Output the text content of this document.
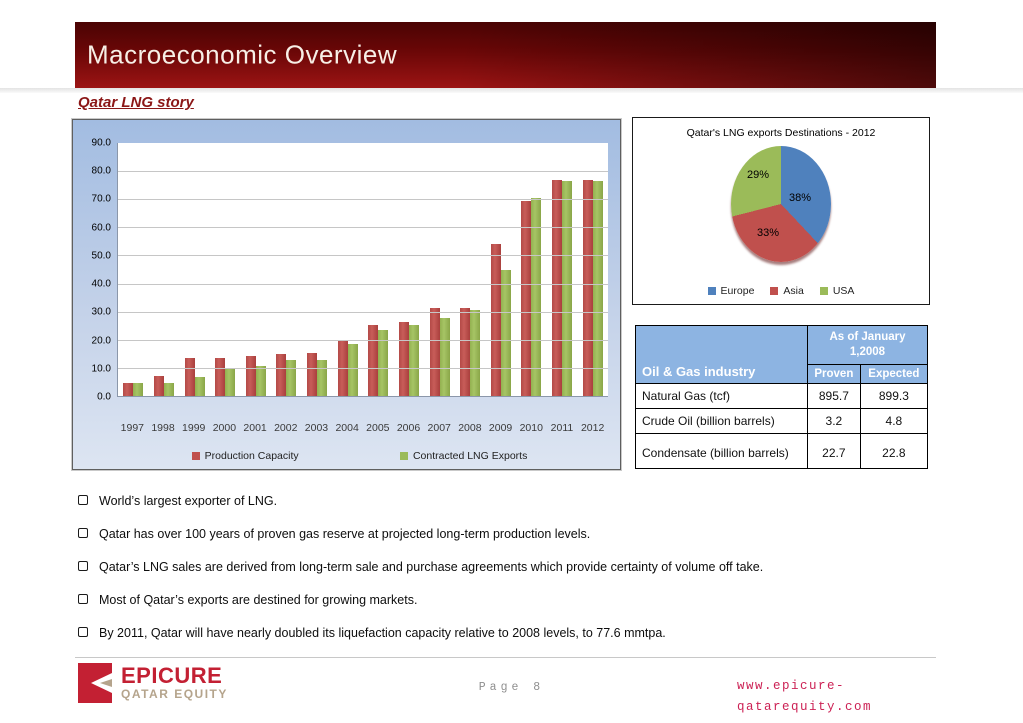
Macroeconomic Overview
Qatar LNG story
90.0
80.0
70.0
60.0
50.0
40.0
30.0
20.0
10.0
0.0
1997 1998 1999 2000 2001 2002 2003 2004 2005 2006 2007 2008 2009 2010 2011 2012
Production Capacity	Contracted LNG Exports
Qatar's LNG exports Destinations - 2012
38%
33%
29%
Europe	Asia	USA
Oil & Gas industry	As of January 1,2008	
	Proven	Expected
Natural Gas (tcf)	895.7	899.3
Crude Oil (billion barrels)	3.2	4.8
Condensate (billion barrels)	22.7	22.8
World’s largest exporter of LNG.
Qatar has over 100 years of proven gas reserve at projected long-term production levels.
Qatar’s LNG sales are derived from long-term sale and purchase agreements which provide certainty of volume off take.
Most of Qatar’s exports are destined for growing markets.
By 2011, Qatar will have nearly doubled its liquefaction capacity relative to 2008 levels, to 77.6 mmtpa.
EPICURE
QATAR EQUITY	Page 8	www.epicure-
qatarequity.com
